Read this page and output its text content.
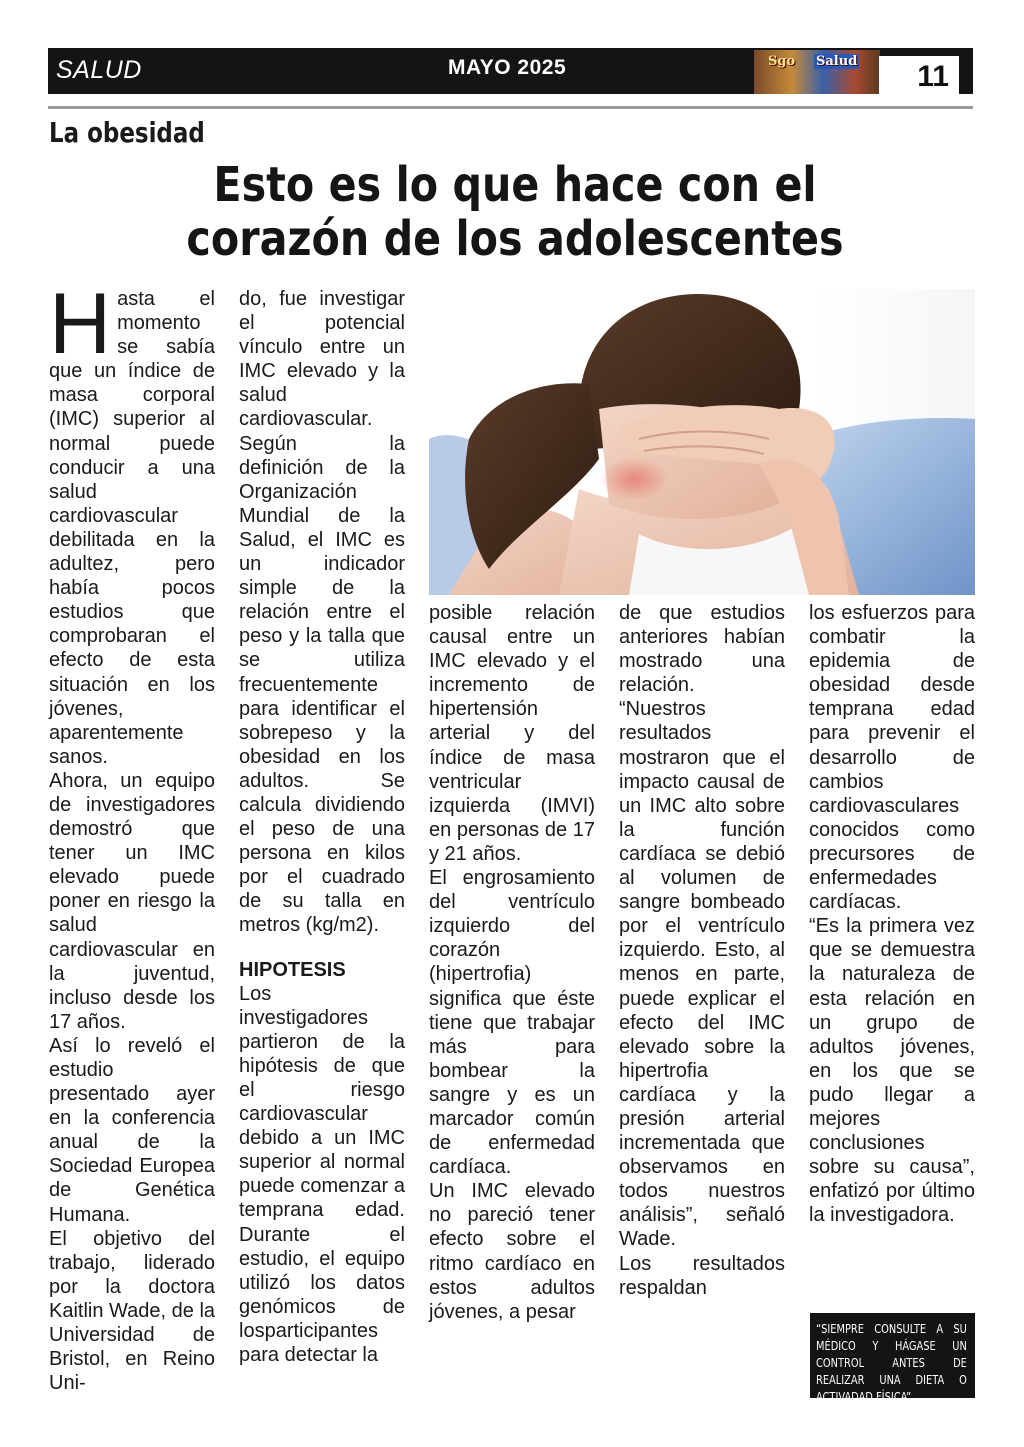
SALUD	MAYO 2025	Sgo Salud 11
La obesidad
Esto es lo que hace con el corazón de los adolescentes
H asta el momento se sabía que un índice de masa corporal (IMC) superior al normal puede conducir a una salud cardiovascular debilitada en la adultez, pero había pocos estudios que comprobaran el efecto de esta situación en los jóvenes, aparentemente sanos.

Ahora, un equipo de investigadores demostró que tener un IMC elevado puede poner en riesgo la salud cardiovascular en la juventud, incluso desde los 17 años.

Así lo reveló el estudio presentado ayer en la conferencia anual de la Sociedad Europea de Genética Humana.

El objetivo del trabajo, liderado por la doctora Kaitlin Wade, de la Universidad de Bristol, en Reino Uni-

do, fue investigar el potencial vínculo entre un IMC elevado y la salud cardiovascular.

Según la definición de la Organización Mundial de la Salud, el IMC es un indicador simple de la relación entre el peso y la talla que se utiliza frecuentemente para identificar el sobrepeso y la obesidad en los adultos. Se calcula dividiendo el peso de una persona en kilos por el cuadrado de su talla en metros (kg/m2).

HIPOTESIS

Los investigadores partieron de la hipótesis de que el riesgo cardiovascular debido a un IMC superior al normal puede comenzar a temprana edad. Durante el estudio, el equipo utilizó los datos genómicos de losparticipantes para detectar la

posible relación causal entre un IMC elevado y el incremento de hipertensión arterial y del índice de masa ventricular izquierda (IMVI) en personas de 17 y 21 años.

El engrosamiento del ventrículo izquierdo del corazón (hipertrofia) significa que éste tiene que trabajar más para bombear la sangre y es un marcador común de enfermedad cardíaca.

Un IMC elevado no pareció tener efecto sobre el ritmo cardíaco en estos adultos jóvenes, a pesar

de que estudios anteriores habían mostrado una relación.

“Nuestros resultados mostraron que el impacto causal de un IMC alto sobre la función cardíaca se debió al volumen de sangre bombeado por el ventrículo izquierdo. Esto, al menos en parte, puede explicar el efecto del IMC elevado sobre la hipertrofia cardíaca y la presión arterial incrementada que observamos en todos nuestros análisis”, señaló Wade.

Los resultados respaldan

los esfuerzos para combatir la epidemia de obesidad desde temprana edad para prevenir el desarrollo de cambios cardiovasculares conocidos como precursores de enfermedades cardíacas.

“Es la primera vez que se demuestra la naturaleza de esta relación en un grupo de adultos jóvenes, en los que se pudo llegar a mejores conclusiones sobre su causa”, enfatizó por último la investigadora.

“SIEMPRE CONSULTE A SU MÉDICO Y HÁGASE UN CONTROL ANTES DE REALIZAR UNA DIETA O ACTIVADAD FÍSICA”
